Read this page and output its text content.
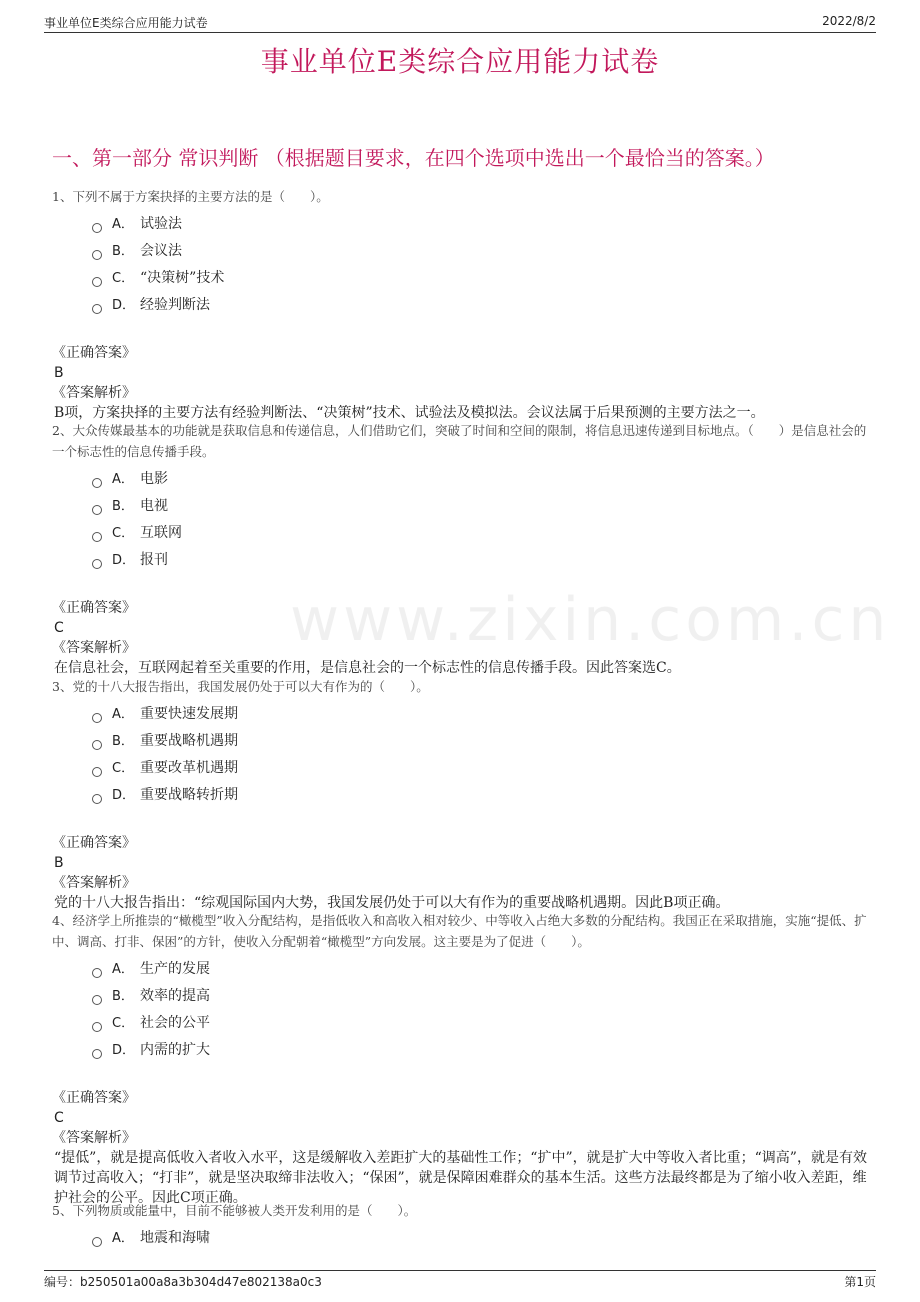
事业单位E类综合应用能力试卷	2022/8/2
事业单位E类综合应用能力试卷
一、第一部分 常识判断 （根据题目要求，在四个选项中选出一个最恰当的答案。）
www.zixin.com.cn
1、下列不属于方案抉择的主要方法的是（　　）。
A． 试验法
B． 会议法
C． “决策树”技术
D． 经验判断法
《正确答案》
B
《答案解析》
B项，方案抉择的主要方法有经验判断法、“决策树”技术、试验法及模拟法。会议法属于后果预测的主要方法之一。
2、大众传媒最基本的功能就是获取信息和传递信息，人们借助它们，突破了时间和空间的限制，将信息迅速传递到目标地点。（　　）是信息社会的一个标志性的信息传播手段。
A． 电影
B． 电视
C． 互联网
D． 报刊
《正确答案》
C
《答案解析》
在信息社会，互联网起着至关重要的作用，是信息社会的一个标志性的信息传播手段。因此答案选C。
3、党的十八大报告指出，我国发展仍处于可以大有作为的（　　）。
A． 重要快速发展期
B． 重要战略机遇期
C． 重要改革机遇期
D． 重要战略转折期
《正确答案》
B
《答案解析》
党的十八大报告指出：“综观国际国内大势，我国发展仍处于可以大有作为的重要战略机遇期。因此B项正确。
4、经济学上所推崇的“橄榄型”收入分配结构，是指低收入和高收入相对较少、中等收入占绝大多数的分配结构。我国正在采取措施，实施“提低、扩中、调高、打非、保困”的方针，使收入分配朝着“橄榄型”方向发展。这主要是为了促进（　　）。
A． 生产的发展
B． 效率的提高
C． 社会的公平
D． 内需的扩大
《正确答案》
C
《答案解析》
“提低”，就是提高低收入者收入水平，这是缓解收入差距扩大的基础性工作；“扩中”，就是扩大中等收入者比重；“调高”，就是有效调节过高收入；“打非”，就是坚决取缔非法收入；“保困”，就是保障困难群众的基本生活。这些方法最终都是为了缩小收入差距，维护社会的公平。因此C项正确。
5、下列物质或能量中，目前不能够被人类开发利用的是（　　）。
A． 地震和海啸
编号：b250501a00a8a3b304d47e802138a0c3	第1页
